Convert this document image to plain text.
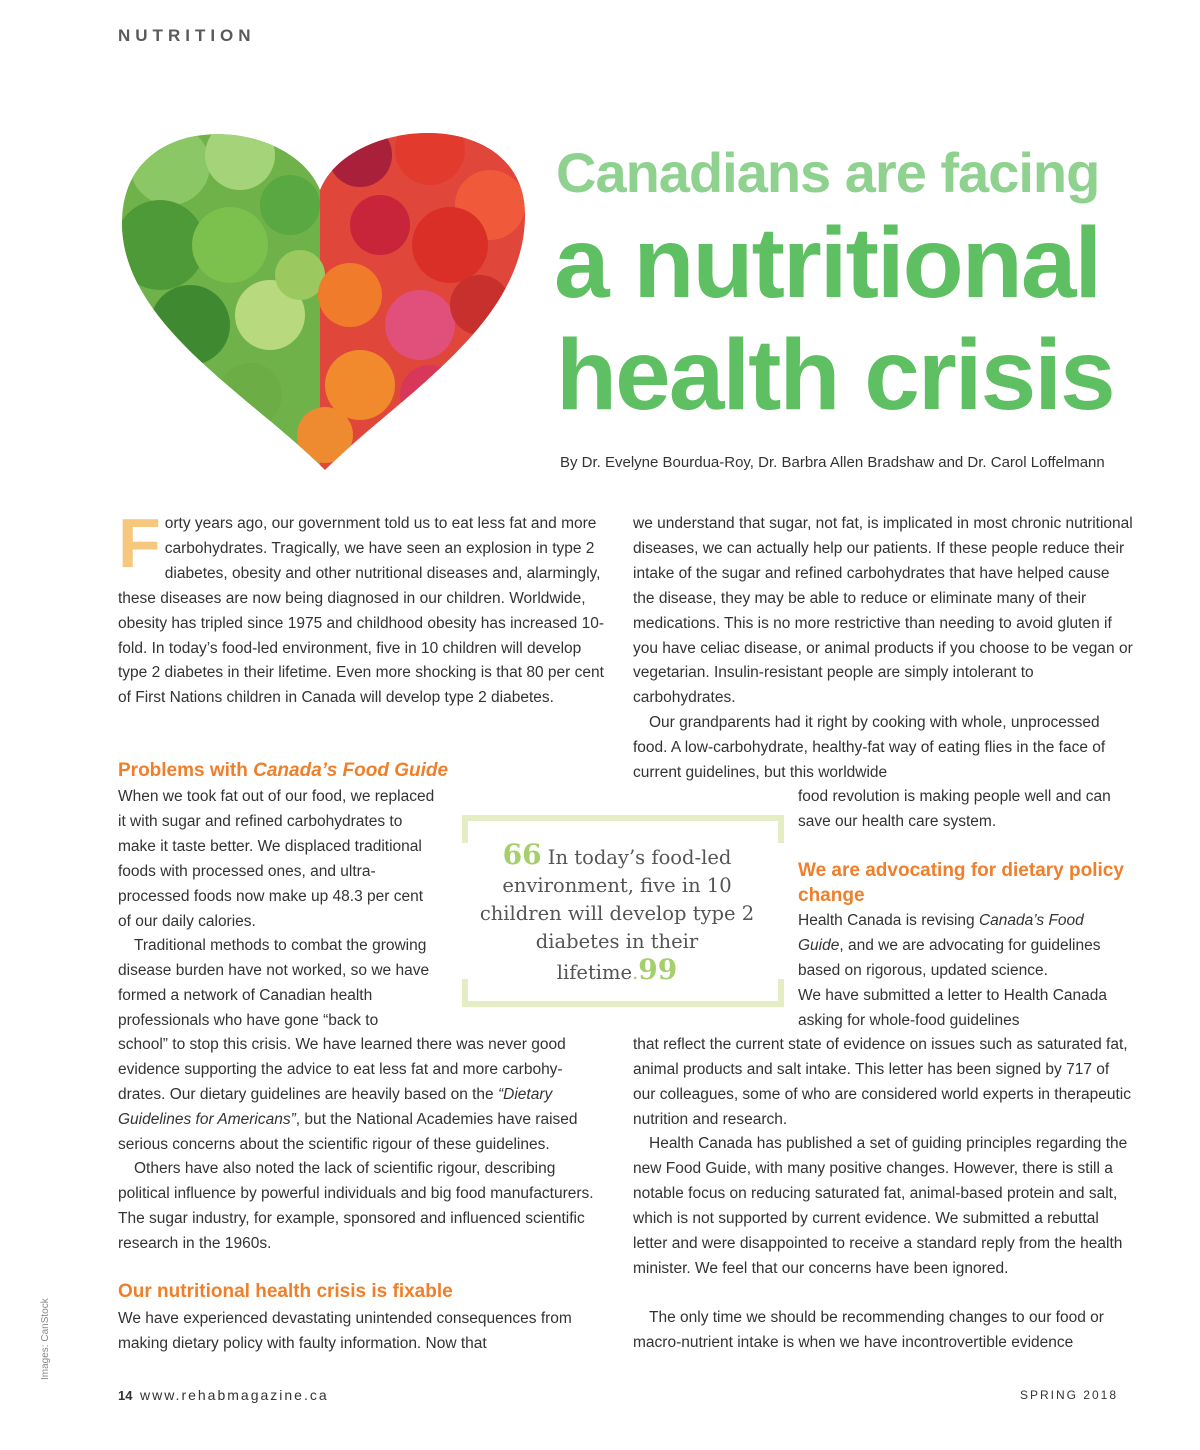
NUTRITION
Canadians are facing
a nutritional
health crisis
By Dr. Evelyne Bourdua-Roy, Dr. Barbra Allen Bradshaw and Dr. Carol Loffelmann
Forty years ago, our government told us to eat less fat and more carbohydrates. Tragically, we have seen an explosion in type 2 diabetes, obesity and other nutritional diseases and, alarmingly, these diseases are now being diagnosed in our children. Worldwide, obesity has tripled since 1975 and childhood obesity has increased 10-fold. In today’s food-led environment, five in 10 children will develop type 2 diabetes in their lifetime. Even more shocking is that 80 per cent of First Nations children in Canada will develop type 2 diabetes.
Problems with Canada’s Food Guide
When we took fat out of our food, we replaced it with sugar and refined carbohydrates to make it taste better. We displaced traditional foods with processed ones, and ultra-processed foods now make up 48.3 per cent of our daily calories.
Traditional methods to combat the growing disease burden have not worked, so we have formed a network of Canadian health professionals who have gone “back to
school” to stop this crisis. We have learned there was never good evidence supporting the advice to eat less fat and more carbohy-drates. Our dietary guidelines are heavily based on the “Dietary Guidelines for Americans”, but the National Academies have raised serious concerns about the scientific rigour of these guidelines.
Others have also noted the lack of scientific rigour, describing political influence by powerful individuals and big food manufacturers. The sugar industry, for example, sponsored and influenced scientific research in the 1960s.
Our nutritional health crisis is fixable
We have experienced devastating unintended consequences from making dietary policy with faulty information. Now that
we understand that sugar, not fat, is implicated in most chronic nutritional diseases, we can actually help our patients. If these people reduce their intake of the sugar and refined carbohydrates that have helped cause the disease, they may be able to reduce or eliminate many of their medications. This is no more restrictive than needing to avoid gluten if you have celiac disease, or animal products if you choose to be vegan or vegetarian. Insulin-resistant people are simply intolerant to carbohydrates.
Our grandparents had it right by cooking with whole, unprocessed food. A low-carbohydrate, healthy-fat way of eating flies in the face of current guidelines, but this worldwide
food revolution is making people well and can save our health care system.
We are advocating for dietary policy change
Health Canada is revising Canada’s Food Guide, and we are advocating for guidelines based on rigorous, updated science.
We have submitted a letter to Health Canada asking for whole-food guidelines
that reflect the current state of evidence on issues such as saturated fat, animal products and salt intake. This letter has been signed by 717 of our colleagues, some of who are considered world experts in therapeutic nutrition and research.
Health Canada has published a set of guiding principles regarding the new Food Guide, with many positive changes. However, there is still a notable focus on reducing saturated fat, animal-based protein and salt, which is not supported by current evidence. We submitted a rebuttal letter and were disappointed to receive a standard reply from the health minister. We feel that our concerns have been ignored.
The only time we should be recommending changes to our food or macro-nutrient intake is when we have incontrovertible evidence
66 In today’s food-led environment, five in 10 children will develop type 2 diabetes in their lifetime.99
Images: CanStock
14 www.rehabmagazine.ca	SPRING 2018
